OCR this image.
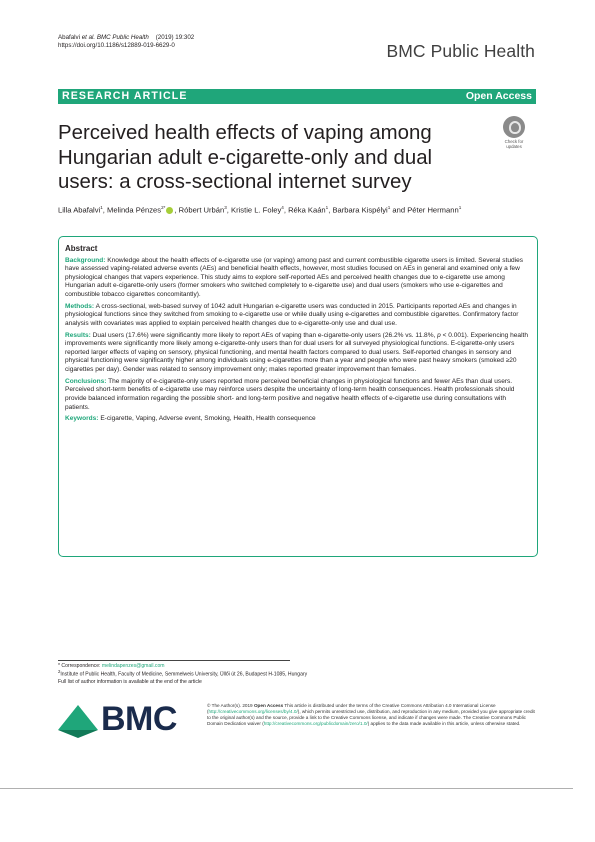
Abafalvi et al. BMC Public Health (2019) 19:302
https://doi.org/10.1186/s12889-019-6629-0	BMC Public Health
RESEARCH ARTICLE	Open Access
Perceived health effects of vaping among Hungarian adult e-cigarette-only and dual users: a cross-sectional internet survey
Check for updates
Lilla Abafalvi$^1$, Melinda Pénzes$^{2*}$ , Róbert Urbán$^3$, Kristie L. Foley$^4$, Réka Kaán$^1$, Barbara Kispélyi$^1$ and Péter Hermann$^1$
Abstract

Background: Knowledge about the health effects of e-cigarette use (or vaping) among past and current combustible cigarette users is limited. Several studies have assessed vaping-related adverse events (AEs) and beneficial health effects, however, most studies focused on AEs in general and examined only a few physiological changes that vapers experience. This study aims to explore self-reported AEs and perceived health changes due to e-cigarette use among Hungarian adult e-cigarette-only users (former smokers who switched completely to e-cigarette use) and dual users (smokers who use e-cigarettes and combustible tobacco cigarettes concomitantly).

Methods: A cross-sectional, web-based survey of 1042 adult Hungarian e-cigarette users was conducted in 2015. Participants reported AEs and changes in physiological functions since they switched from smoking to e-cigarette use or while dually using e-cigarettes and combustible cigarettes. Confirmatory factor analysis with covariates was applied to explain perceived health changes due to e-cigarette-only use and dual use.

Results: Dual users (17.6%) were significantly more likely to report AEs of vaping than e-cigarette-only users (26.2% vs. 11.8%, p < 0.001). Experiencing health improvements were significantly more likely among e-cigarette-only users than for dual users for all surveyed physiological functions. E-cigarette-only users reported larger effects of vaping on sensory, physical functioning, and mental health factors compared to dual users. Self-reported changes in sensory and physical functioning were significantly higher among individuals using e-cigarettes more than a year and people who were past heavy smokers (smoked ≥20 cigarettes per day). Gender was related to sensory improvement only; males reported greater improvement than females.

Conclusions: The majority of e-cigarette-only users reported more perceived beneficial changes in physiological functions and fewer AEs than dual users. Perceived short-term benefits of e-cigarette use may reinforce users despite the uncertainty of long-term health consequences. Health professionals should provide balanced information regarding the possible short- and long-term positive and negative health effects of e-cigarette use during consultations with patients.

Keywords: E-cigarette, Vaping, Adverse event, Smoking, Health, Health consequence

* Correspondence: melindapenzes@gmail.com
$^2$Institute of Public Health, Faculty of Medicine, Semmelweis University, Üllői út 26, Budapest H-1085, Hungary
Full list of author information is available at the end of the article
BMC	© The Author(s). 2019 Open Access This article is distributed under the terms of the Creative Commons Attribution 4.0 International License (http://creativecommons.org/licenses/by/4.0/), which permits unrestricted use, distribution, and reproduction in any medium, provided you give appropriate credit to the original author(s) and the source, provide a link to the Creative Commons license, and indicate if changes were made. The Creative Commons Public Domain Dedication waiver (http://creativecommons.org/publicdomain/zero/1.0/) applies to the data made available in this article, unless otherwise stated.
